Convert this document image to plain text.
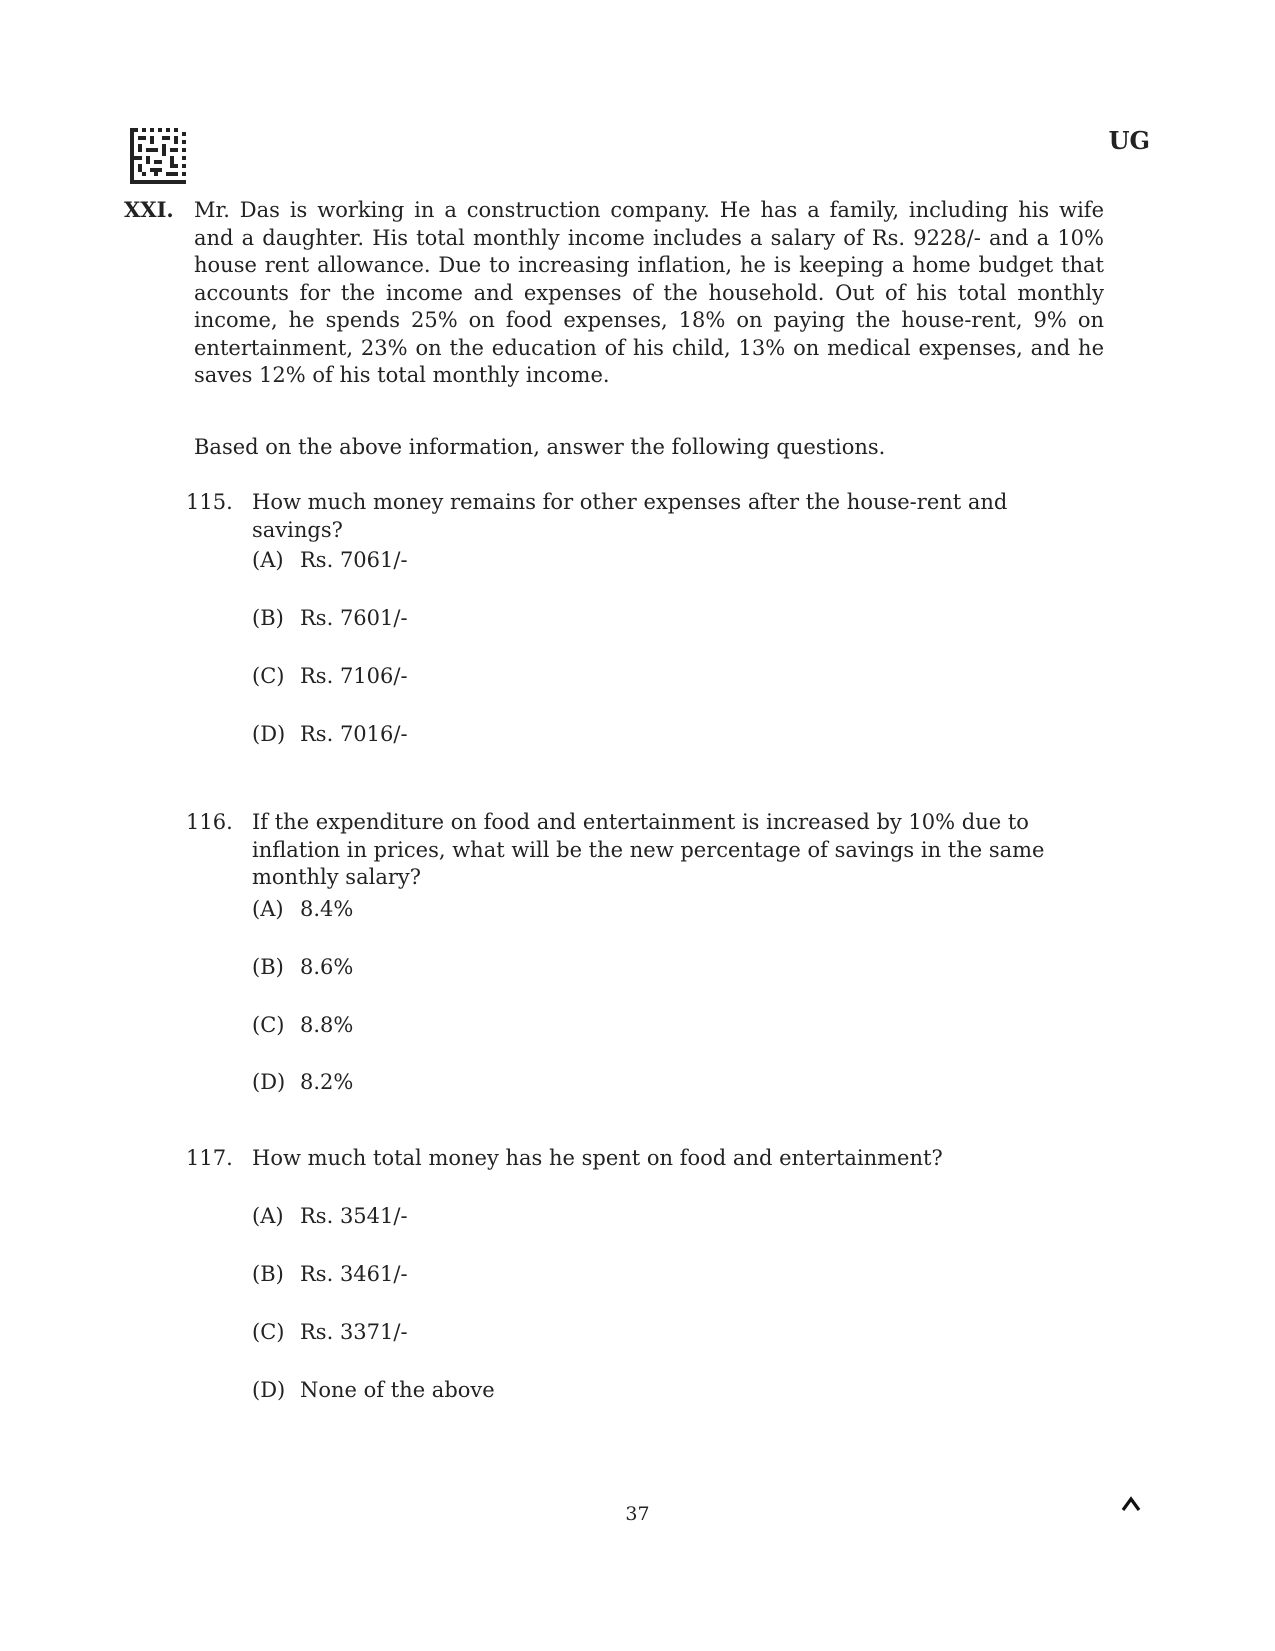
UG
XXI. Mr. Das is working in a construction company. He has a family, including his wife and a daughter. His total monthly income includes a salary of Rs. 9228/- and a 10% house rent allowance. Due to increasing inflation, he is keeping a home budget that accounts for the income and expenses of the household. Out of his total monthly income, he spends 25% on food expenses, 18% on paying the house-rent, 9% on entertainment, 23% on the education of his child, 13% on medical expenses, and he saves 12% of his total monthly income.

Based on the above information, answer the following questions.

115. How much money remains for other expenses after the house-rent and savings?

(A) Rs. 7061/-
(B) Rs. 7601/-
(C) Rs. 7106/-
(D) Rs. 7016/-
116. If the expenditure on food and entertainment is increased by 10% due to inflation in prices, what will be the new percentage of savings in the same monthly salary?

(A) 8.4%
(B) 8.6%
(C) 8.8%
(D) 8.2%
117. How much total money has he spent on food and entertainment?

(A) Rs. 3541/-
(B) Rs. 3461/-
(C) Rs. 3371/-
(D) None of the above
37
